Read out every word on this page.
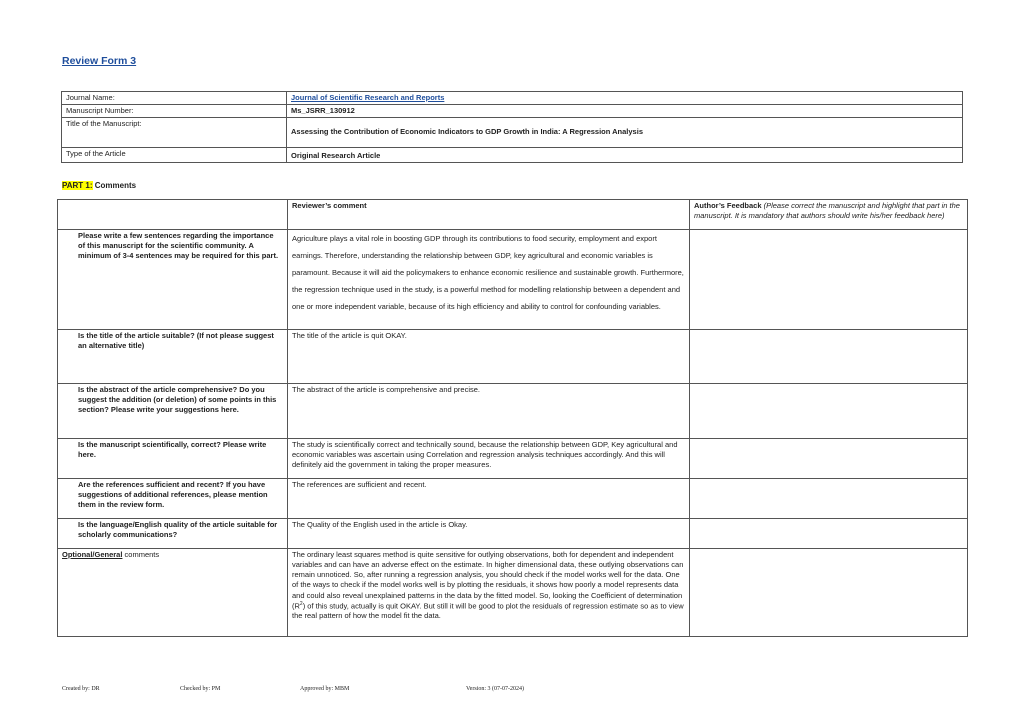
Review Form 3
Journal Name:	Journal of Scientific Research and Reports
Manuscript Number:	Ms_JSRR_130912
Title of the Manuscript:	Assessing the Contribution of Economic Indicators to GDP Growth in India: A Regression Analysis
Type of the Article	Original Research Article
PART 1: Comments
	Reviewer’s comment	Author’s Feedback (Please correct the manuscript and highlight that part in the manuscript. It is mandatory that authors should write his/her feedback here)
Please write a few sentences regarding the importance of this manuscript for the scientific community. A minimum of 3-4 sentences may be required for this part.	Agriculture plays a vital role in boosting GDP through its contributions to food security, employment and export earnings. Therefore, understanding the relationship between GDP, key agricultural and economic variables is paramount. Because it will aid the policymakers to enhance economic resilience and sustainable growth. Furthermore, the regression technique used in the study, is a powerful method for modelling relationship between a dependent and one or more independent variable, because of its high efficiency and ability to control for confounding variables.	
Is the title of the article suitable? (If not please suggest an alternative title)	The title of the article is quit OKAY.	
Is the abstract of the article comprehensive? Do you suggest the addition (or deletion) of some points in this section? Please write your suggestions here.	The abstract of the article is comprehensive and precise.	
Is the manuscript scientifically, correct? Please write here.	The study is scientifically correct and technically sound, because the relationship between GDP, Key agricultural and economic variables was ascertain using Correlation and regression analysis techniques accordingly. And this will definitely aid the government in taking the proper measures.	
Are the references sufficient and recent? If you have suggestions of additional references, please mention them in the review form.	The references are sufficient and recent.	
Is the language/English quality of the article suitable for scholarly communications?	The Quality of the English used in the article is Okay.	
Optional/General comments	The ordinary least squares method is quite sensitive for outlying observations, both for dependent and independent variables and can have an adverse effect on the estimate. In higher dimensional data, these outlying observations can remain unnoticed. So, after running a regression analysis, you should check if the model works well for the data. One of the ways to check if the model works well is by plotting the residuals, it shows how poorly a model represents data and could also reveal unexplained patterns in the data by the fitted model. So, looking the Coefficient of determination $(R^2)$ of this study, actually is quit OKAY. But still it will be good to plot the residuals of regression estimate so as to view the real pattern of how the model fit the data.	
Created by: DR	Checked by: PM	Approved by: MBM	Version: 3 (07-07-2024)
